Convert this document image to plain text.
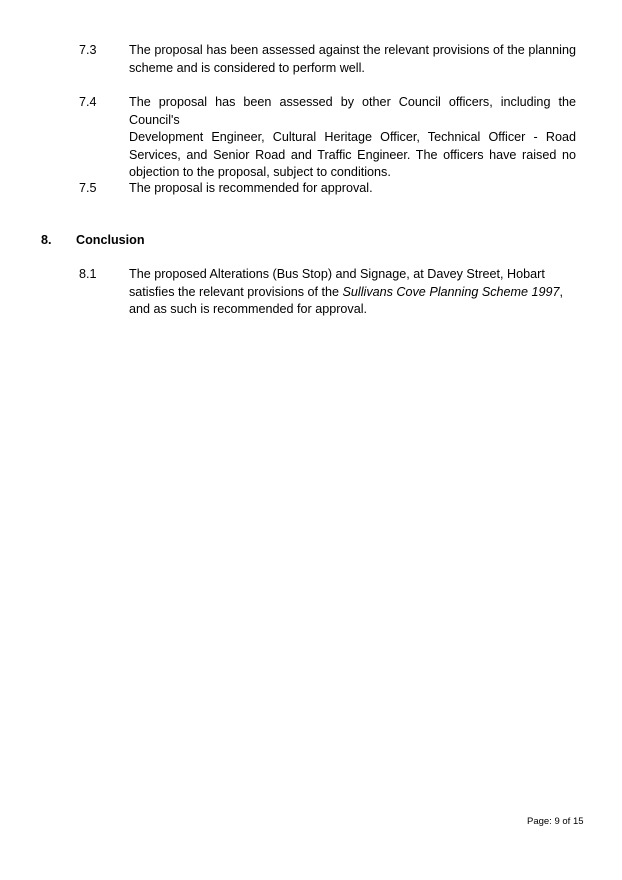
7.3	The proposal has been assessed against the relevant provisions of the planning
scheme and is considered to perform well.
7.4	The proposal has been assessed by other Council officers, including the Council's
Development Engineer, Cultural Heritage Officer, Technical Officer - Road
Services, and Senior Road and Traffic Engineer. The officers have raised no
objection to the proposal, subject to conditions.
7.5	The proposal is recommended for approval.
8. Conclusion
8.1	The proposed Alterations (Bus Stop) and Signage, at Davey Street, Hobart
satisfies the relevant provisions of the Sullivans Cove Planning Scheme 1997,
and as such is recommended for approval.
Page: 9 of 15
